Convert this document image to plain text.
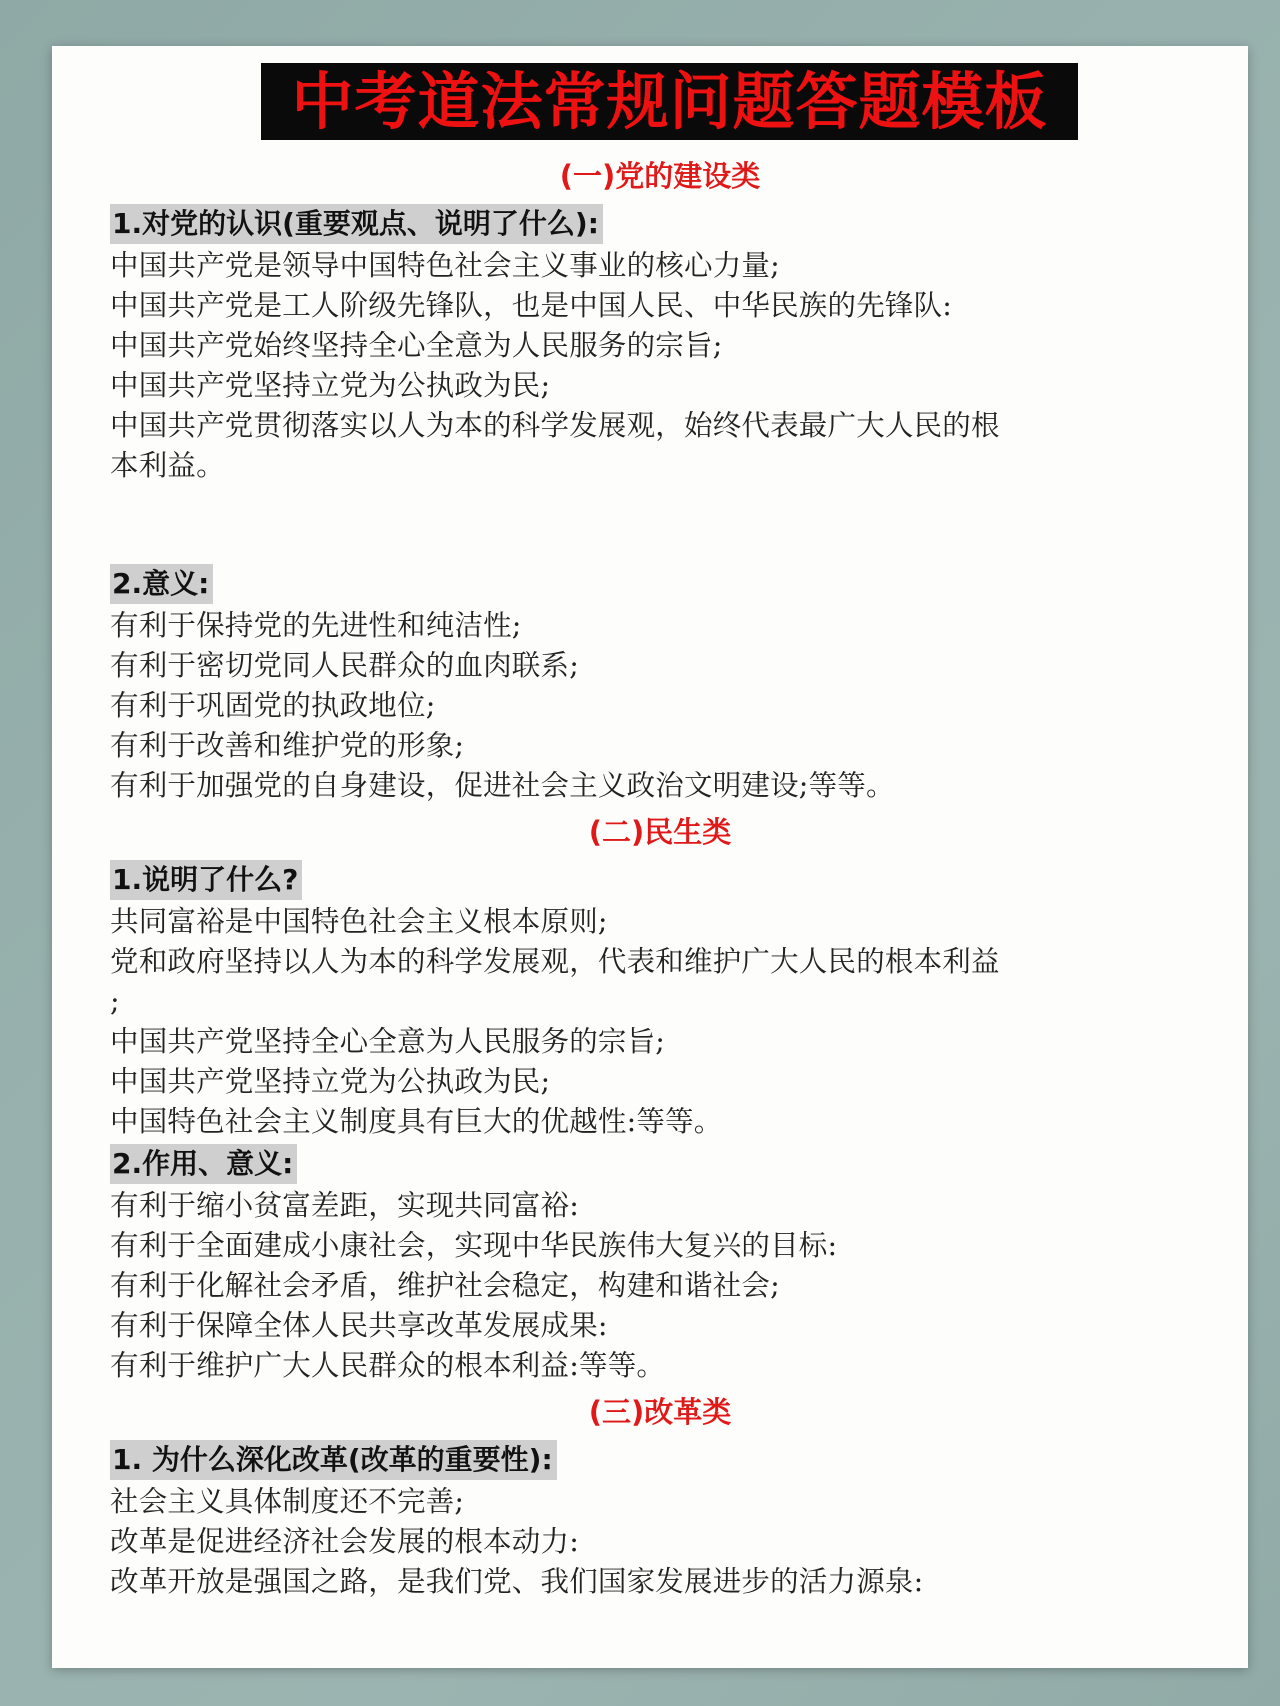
中考道法常规问题答题模板
(一)党的建设类
1.对党的认识(重要观点、说明了什么):
中国共产党是领导中国特色社会主义事业的核心力量;
中国共产党是工人阶级先锋队，也是中国人民、中华民族的先锋队:
中国共产党始终坚持全心全意为人民服务的宗旨;
中国共产党坚持立党为公执政为民;
中国共产党贯彻落实以人为本的科学发展观，始终代表最广大人民的根
本利益。
2.意义:
有利于保持党的先进性和纯洁性;
有利于密切党同人民群众的血肉联系;
有利于巩固党的执政地位;
有利于改善和维护党的形象;
有利于加强党的自身建设，促进社会主义政治文明建设;等等。
(二)民生类
1.说明了什么?
共同富裕是中国特色社会主义根本原则;
党和政府坚持以人为本的科学发展观，代表和维护广大人民的根本利益
;
中国共产党坚持全心全意为人民服务的宗旨;
中国共产党坚持立党为公执政为民;
中国特色社会主义制度具有巨大的优越性:等等。
2.作用、意义:
有利于缩小贫富差距，实现共同富裕:
有利于全面建成小康社会，实现中华民族伟大复兴的目标:
有利于化解社会矛盾，维护社会稳定，构建和谐社会;
有利于保障全体人民共享改革发展成果:
有利于维护广大人民群众的根本利益:等等。
(三)改革类
1. 为什么深化改革(改革的重要性):
社会主义具体制度还不完善;
改革是促进经济社会发展的根本动力:
改革开放是强国之路，是我们党、我们国家发展进步的活力源泉:
